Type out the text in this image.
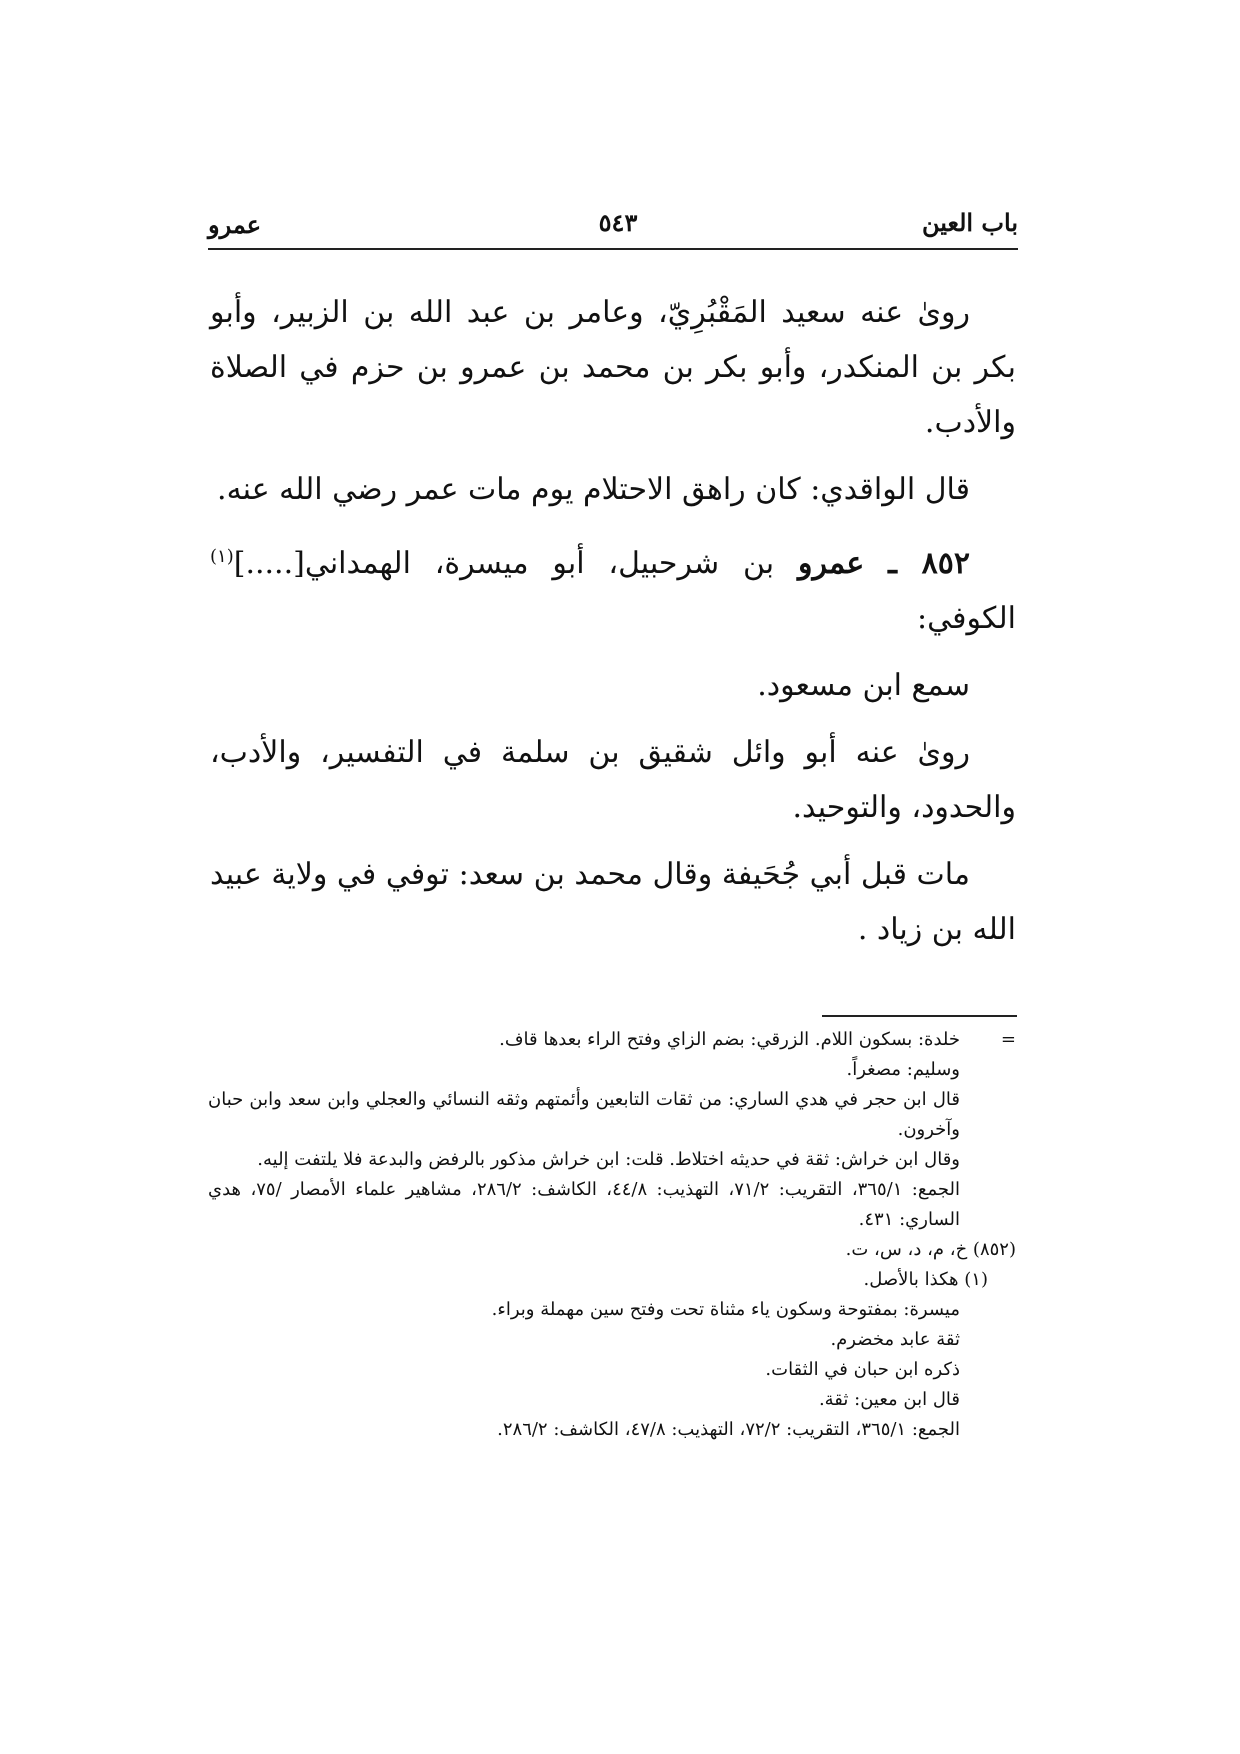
باب العين
٥٤٣
عمرو

رویٰ عنه سعيد المَقْبُرِيّ، وعامر بن عبد الله بن الزبير، وأبو بكر بن المنكدر، وأبو بكر بن محمد بن عمرو بن حزم في الصلاة والأدب.

قال الواقدي: كان راهق الاحتلام يوم مات عمر رضي الله عنه.

٨٥٢ ـ عمرو بن شرحبيل، أبو ميسرة، الهمداني[.....]$^{(١)}$ الكوفي:

سمع ابن مسعود.

روىٰ عنه أبو وائل شقيق بن سلمة في التفسير، والأدب، والحدود، والتوحيد.

مات قبل أبي جُحَيفة وقال محمد بن سعد: توفي في ولاية عبيد الله بن زياد .

=
خلدة: بسكون اللام. الزرقي: بضم الزاي وفتح الراء بعدها قاف.
وسليم: مصغراً.
قال ابن حجر في هدي الساري: من ثقات التابعين وأئمتهم وثقه النسائي والعجلي وابن سعد وابن حبان وآخرون.
وقال ابن خراش: ثقة في حديثه اختلاط. قلت: ابن خراش مذكور بالرفض والبدعة فلا يلتفت إليه.
الجمع: ٣٦٥/١، التقريب: ٧١/٢، التهذيب: ٤٤/٨، الكاشف: ٢٨٦/٢، مشاهير علماء الأمصار /٧٥، هدي الساري: ٤٣١.
(٨٥٢) خ، م، د، س، ت.
(١) هكذا بالأصل.
ميسرة: بمفتوحة وسكون ياء مثناة تحت وفتح سين مهملة وبراء.
ثقة عابد مخضرم.
ذكره ابن حبان في الثقات.
قال ابن معين: ثقة.
الجمع: ٣٦٥/١، التقريب: ٧٢/٢، التهذيب: ٤٧/٨، الكاشف: ٢٨٦/٢.
